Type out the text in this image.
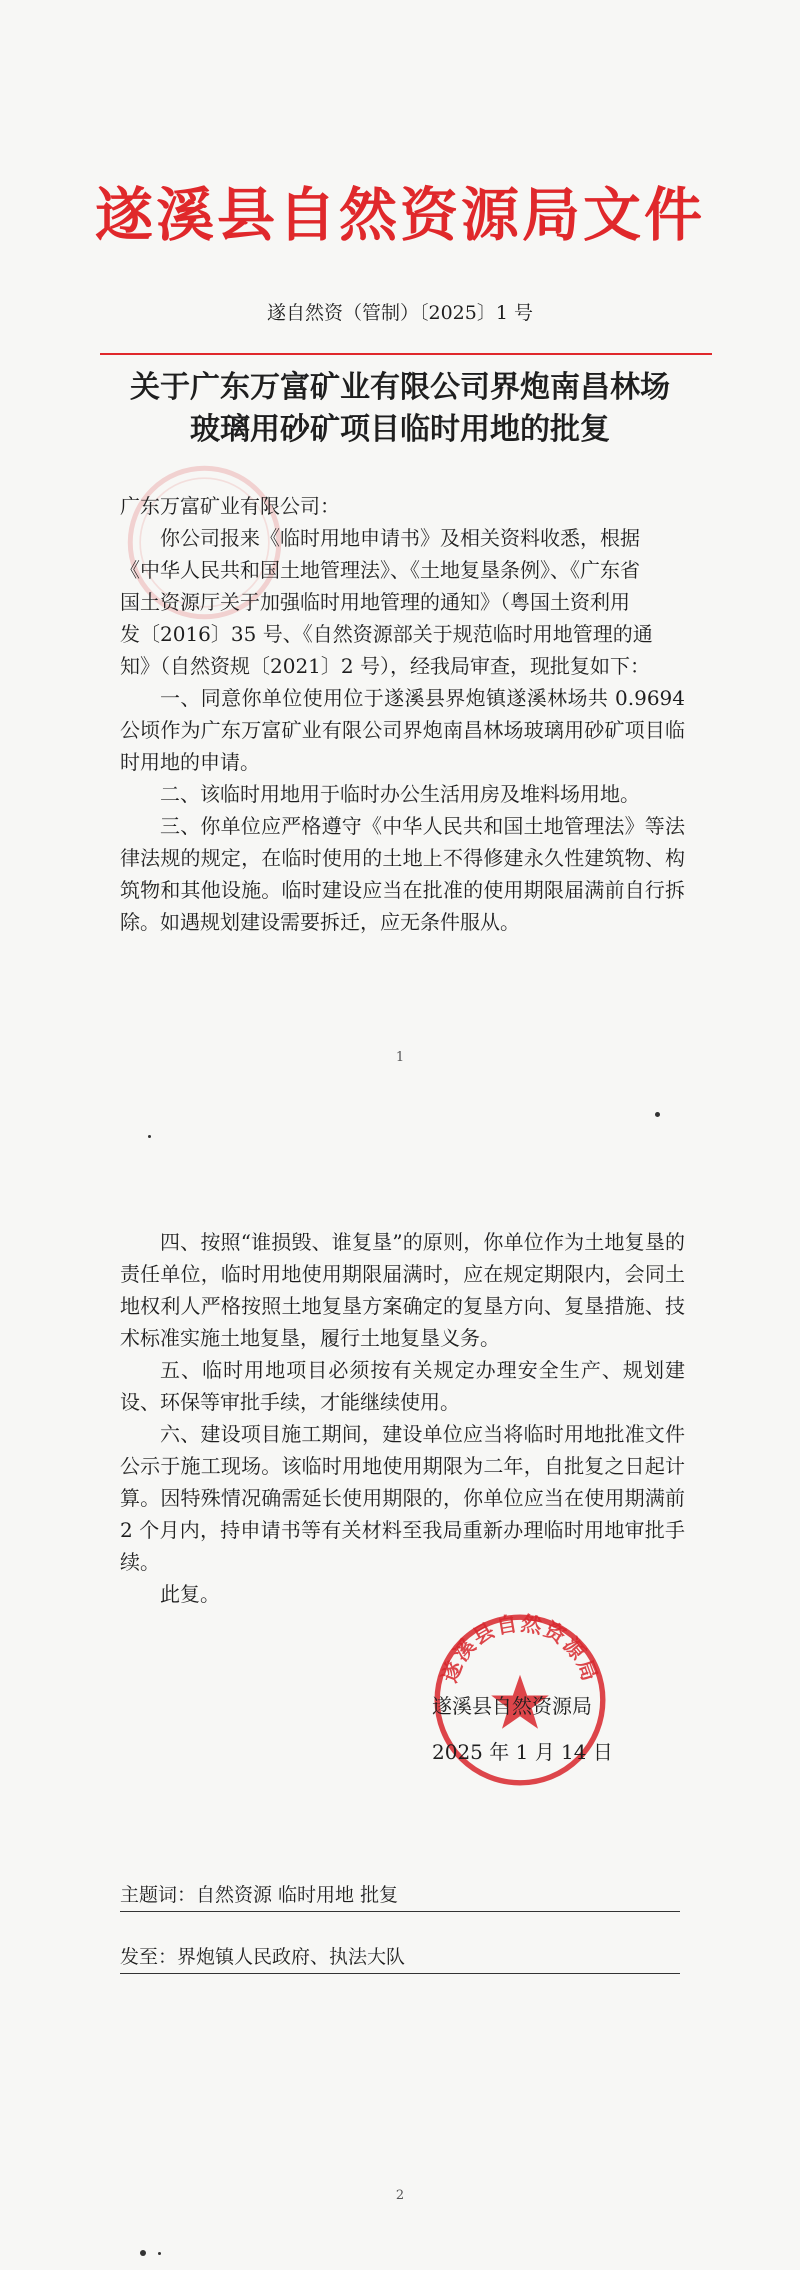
遂溪县自然资源局文件
遂自然资（管制）〔2025〕1 号
关于广东万富矿业有限公司界炮南昌林场
玻璃用砂矿项目临时用地的批复
广东万富矿业有限公司：
你公司报来《临时用地申请书》及相关资料收悉，根据
《中华人民共和国土地管理法》、《土地复垦条例》、《广东省
国土资源厅关于加强临时用地管理的通知》（粤国土资利用
发〔2016〕35 号、《自然资源部关于规范临时用地管理的通
知》（自然资规〔2021〕2 号），经我局审查，现批复如下：
一、同意你单位使用位于遂溪县界炮镇遂溪林场共 0.9694 公顷作为广东万富矿业有限公司界炮南昌林场玻璃用砂矿项目临时用地的申请。
二、该临时用地用于临时办公生活用房及堆料场用地。
三、你单位应严格遵守《中华人民共和国土地管理法》等法律法规的规定，在临时使用的土地上不得修建永久性建筑物、构筑物和其他设施。临时建设应当在批准的使用期限届满前自行拆除。如遇规划建设需要拆迁，应无条件服从。
1
四、按照“谁损毁、谁复垦”的原则，你单位作为土地复垦的责任单位，临时用地使用期限届满时，应在规定期限内，会同土地权利人严格按照土地复垦方案确定的复垦方向、复垦措施、技术标准实施土地复垦，履行土地复垦义务。
五、临时用地项目必须按有关规定办理安全生产、规划建设、环保等审批手续，才能继续使用。
六、建设项目施工期间，建设单位应当将临时用地批准文件公示于施工现场。该临时用地使用期限为二年，自批复之日起计算。因特殊情况确需延长使用期限的，你单位应当在使用期满前 2 个月内，持申请书等有关材料至我局重新办理临时用地审批手续。
此复。
遂溪县自然资源局
遂溪县自然资源局
2025 年 1 月 14 日
主题词：自然资源 临时用地 批复
发至：界炮镇人民政府、执法大队
2
